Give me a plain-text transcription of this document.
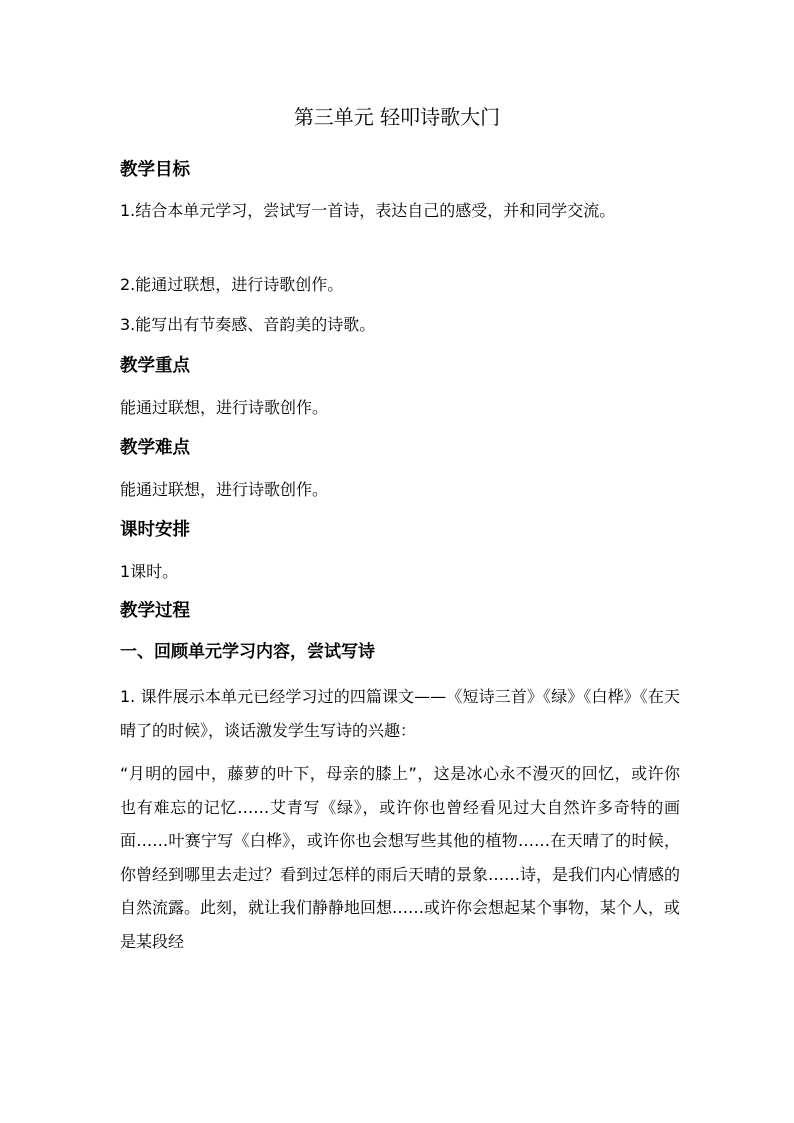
第三单元 轻叩诗歌大门
教学目标
1.结合本单元学习，尝试写一首诗，表达自己的感受，并和同学交流。
2.能通过联想，进行诗歌创作。
3.能写出有节奏感、音韵美的诗歌。
教学重点
能通过联想，进行诗歌创作。
教学难点
能通过联想，进行诗歌创作。
课时安排
1课时。
教学过程
一、回顾单元学习内容，尝试写诗
1. 课件展示本单元已经学习过的四篇课文——《短诗三首》《绿》《白桦》《在天晴了的时候》，谈话激发学生写诗的兴趣：
“月明的园中，藤萝的叶下，母亲的膝上”，这是冰心永不漫灭的回忆，或许你也有难忘的记忆……艾青写《绿》，或许你也曾经看见过大自然许多奇特的画面……叶赛宁写《白桦》，或许你也会想写些其他的植物……在天晴了的时候，你曾经到哪里去走过？看到过怎样的雨后天晴的景象……诗，是我们内心情感的自然流露。此刻，就让我们静静地回想……或许你会想起某个事物，某个人，或是某段经
